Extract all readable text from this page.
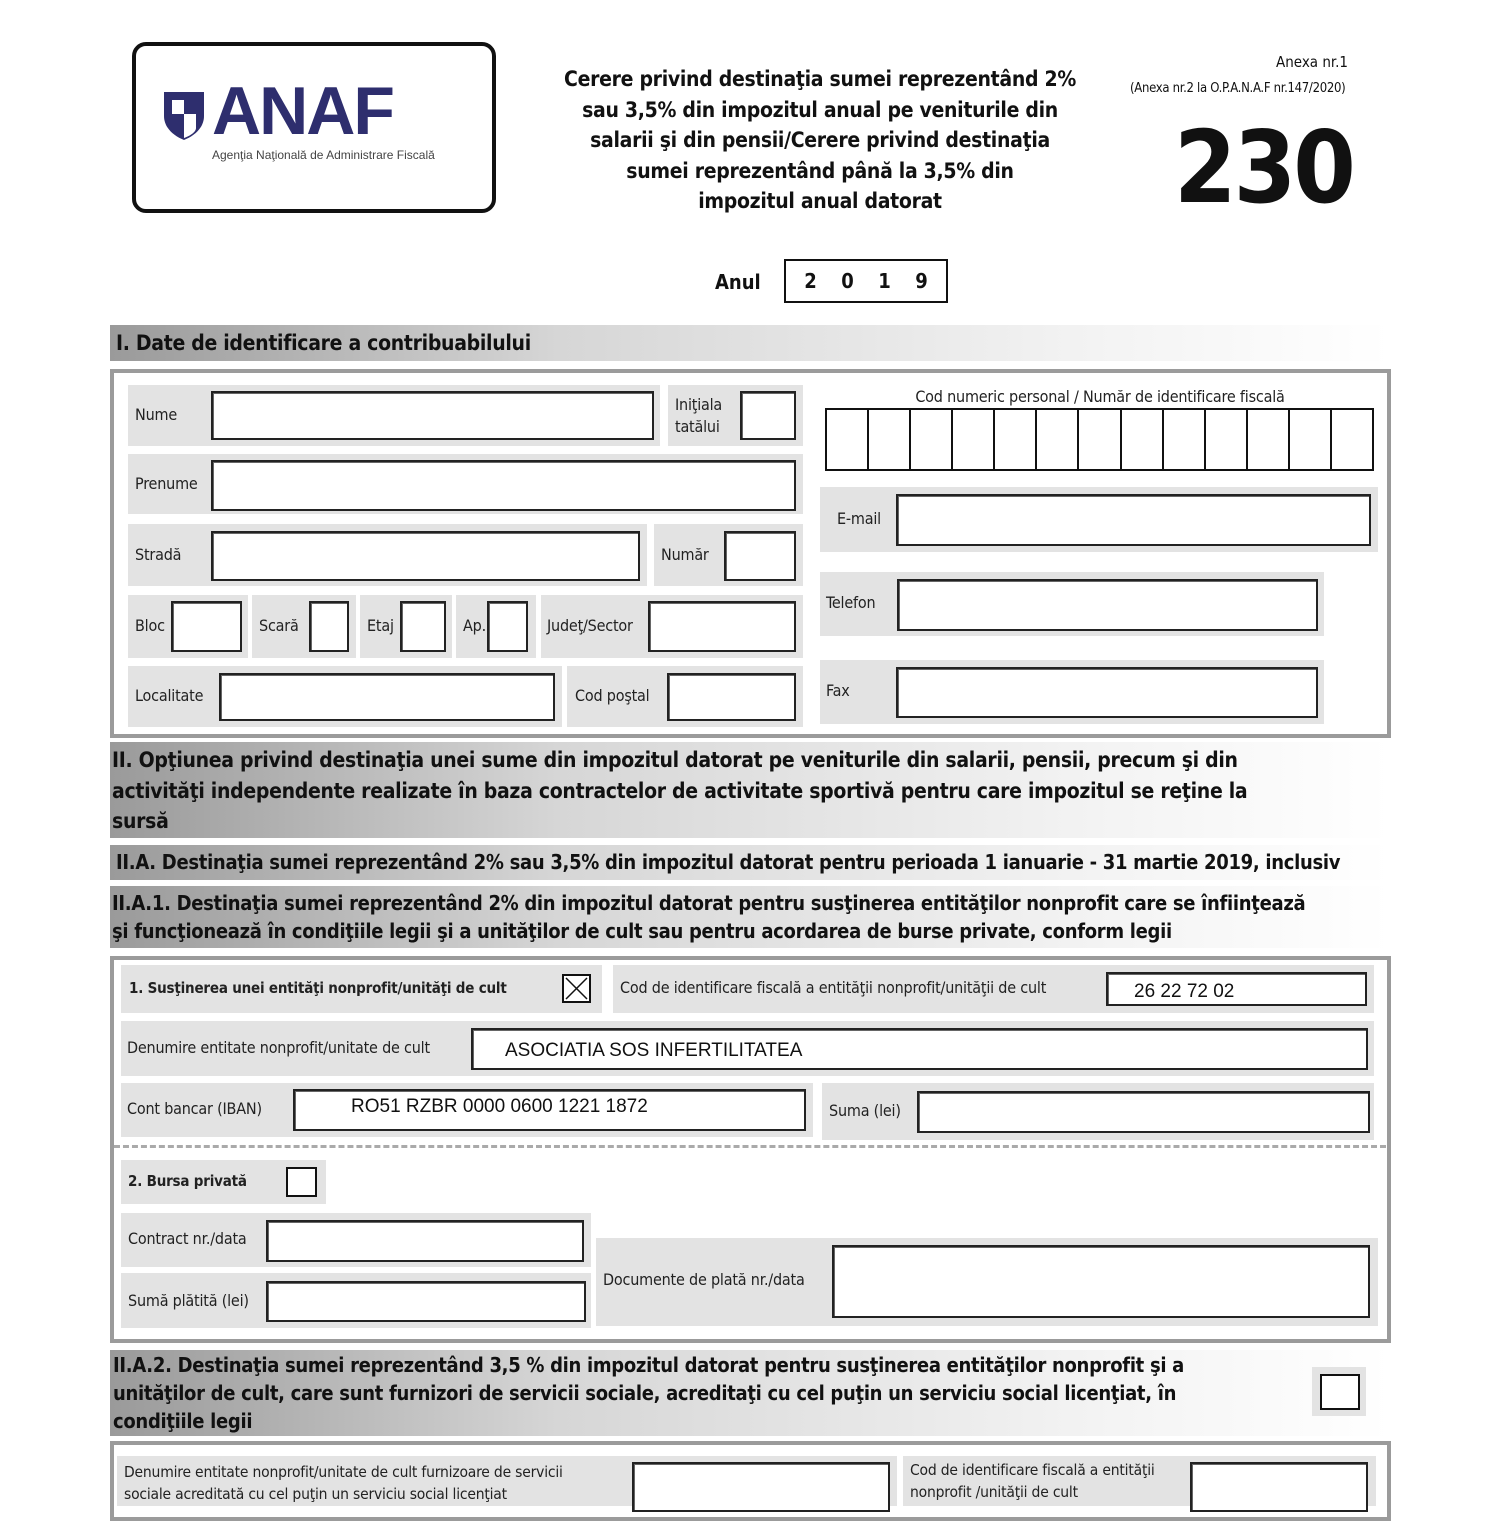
ANAF
Agenţia Naţională de Administrare Fiscală
Cerere privind destinaţia sumei reprezentând 2%
sau 3,5% din impozitul anual pe veniturile din
salarii şi din pensii/Cerere privind destinaţia
sumei reprezentând până la 3,5% din
impozitul anual datorat
Anexa nr.1
(Anexa nr.2 la O.P.A.N.A.F nr.147/2020)
230
Anul 2 0 1 9
I. Date de identificare a contribuabilului
Nume
Iniţiala
tatălui
Prenume
Stradă	Număr
Bloc	Scară	Etaj	Ap.	Judeţ/Sector
Localitate	Cod poştal
Cod numeric personal / Număr de identificare fiscală
E-mail
Telefon
Fax
II. Opţiunea privind destinaţia unei sume din impozitul datorat pe veniturile din salarii, pensii, precum şi din
activităţi independente realizate în baza contractelor de activitate sportivă pentru care impozitul se reţine la
sursă
II.A. Destinaţia sumei reprezentând 2% sau 3,5% din impozitul datorat pentru perioada 1 ianuarie - 31 martie 2019, inclusiv
II.A.1. Destinaţia sumei reprezentând 2% din impozitul datorat pentru susţinerea entităţilor nonprofit care se înfiinţează
şi funcţionează în condiţiile legii şi a unităţilor de cult sau pentru acordarea de burse private, conform legii
1. Susţinerea unei entităţi nonprofit/unităţi de cult	Cod de identificare fiscală a entităţii nonprofit/unităţii de cult	26 22 72 02
Denumire entitate nonprofit/unitate de cult	ASOCIATIA SOS INFERTILITATEA
Cont bancar (IBAN)	RO51 RZBR 0000 0600 1221 1872	Suma (lei)
2. Bursa privată
Contract nr./data
Sumă plătită (lei)
Documente de plată nr./data
II.A.2. Destinaţia sumei reprezentând 3,5 % din impozitul datorat pentru susţinerea entităţilor nonprofit şi a
unităţilor de cult, care sunt furnizori de servicii sociale, acreditaţi cu cel puţin un serviciu social licenţiat, în
condiţiile legii
Denumire entitate nonprofit/unitate de cult furnizoare de servicii
sociale acreditată cu cel puţin un serviciu social licenţiat
Cod de identificare fiscală a entităţii
nonprofit /unităţii de cult
